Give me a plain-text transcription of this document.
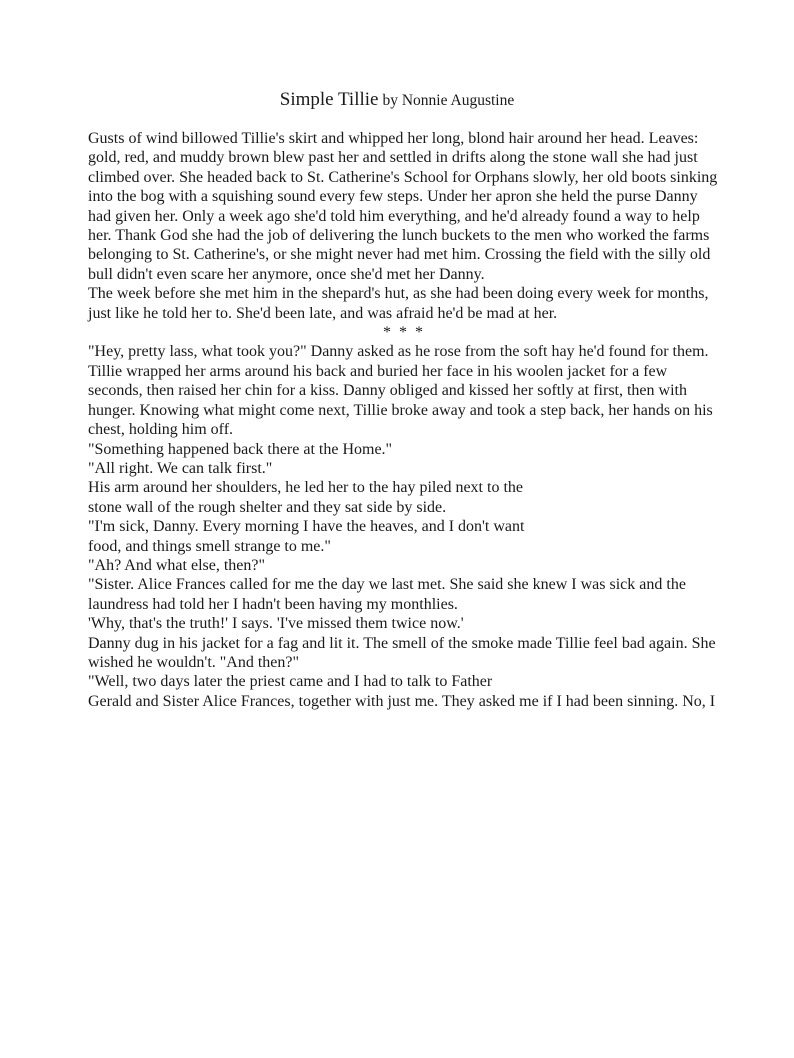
Simple Tillie by Nonnie Augustine

Gusts of wind billowed Tillie's skirt and whipped her long, blond hair around her head. Leaves: gold, red, and muddy brown blew past her and settled in drifts along the stone wall she had just climbed over. She headed back to St. Catherine's School for Orphans slowly, her old boots sinking into the bog with a squishing sound every few steps. Under her apron she held the purse Danny had given her. Only a week ago she'd told him everything, and he'd already found a way to help her. Thank God she had the job of delivering the lunch buckets to the men who worked the farms belonging to St. Catherine's, or she might never had met him. Crossing the field with the silly old bull didn't even scare her anymore, once she'd met her Danny.

The week before she met him in the shepard's hut, as she had been doing every week for months, just like he told her to. She'd been late, and was afraid he'd be mad at her.

* * *

"Hey, pretty lass, what took you?" Danny asked as he rose from the soft hay he'd found for them.

Tillie wrapped her arms around his back and buried her face in his woolen jacket for a few seconds, then raised her chin for a kiss. Danny obliged and kissed her softly at first, then with hunger. Knowing what might come next, Tillie broke away and took a step back, her hands on his chest, holding him off.

"Something happened back there at the Home."

"All right. We can talk first."

His arm around her shoulders, he led her to the hay piled next to the

stone wall of the rough shelter and they sat side by side.

"I'm sick, Danny. Every morning I have the heaves, and I don't want

food, and things smell strange to me."

"Ah? And what else, then?"

"Sister. Alice Frances called for me the day we last met. She said she knew I was sick and the laundress had told her I hadn't been having my monthlies.

'Why, that's the truth!' I says. 'I've missed them twice now.'

Danny dug in his jacket for a fag and lit it. The smell of the smoke made Tillie feel bad again. She wished he wouldn't. "And then?"

"Well, two days later the priest came and I had to talk to Father

Gerald and Sister Alice Frances, together with just me. They asked me if I had been sinning. No, I
